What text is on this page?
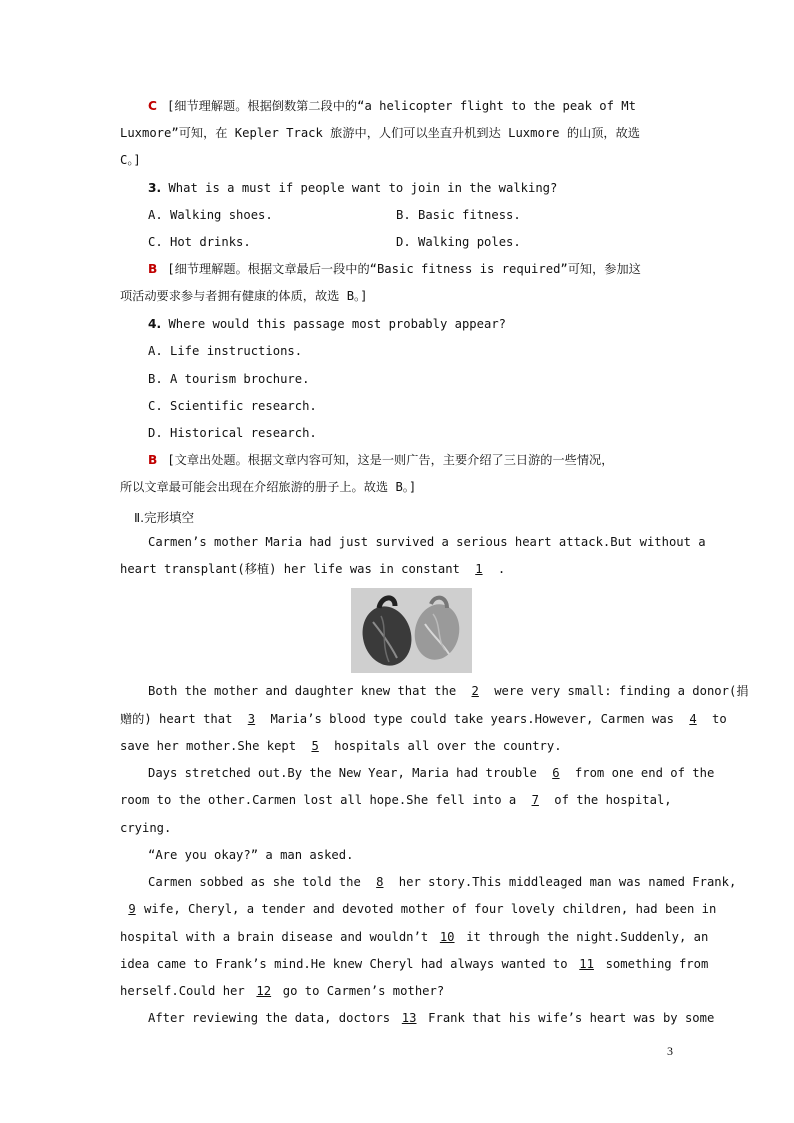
C [细节理解题。根据倒数第二段中的“a helicopter flight to the peak of Mt
Luxmore”可知，在 Kepler Track 旅游中，人们可以坐直升机到达 Luxmore 的山顶，故选
C。]
3. What is a must if people want to join in the walking?
A. Walking shoes.	B. Basic fitness.
C. Hot drinks.	D. Walking poles.
B [细节理解题。根据文章最后一段中的“Basic fitness is required”可知，参加这
项活动要求参与者拥有健康的体质，故选 B。]
4. Where would this passage most probably appear?
A. Life instructions.
B. A tourism brochure.
C. Scientific research.
D. Historical research.
B [文章出处题。根据文章内容可知，这是一则广告，主要介绍了三日游的一些情况，
所以文章最可能会出现在介绍旅游的册子上。故选 B。]
Ⅱ.完形填空
Carmen’s mother Maria had just survived a serious heart attack.But without a
heart transplant(移植) her life was in constant 1 .
Both the mother and daughter knew that the 2 were very small: finding a donor(捐
赠的) heart that 3 Maria’s blood type could take years.However, Carmen was 4 to
save her mother.She kept 5 hospitals all over the country.
Days stretched out.By the New Year, Maria had trouble 6 from one end of the
room to the other.Carmen lost all hope.She fell into a 7 of the hospital,
crying.
“Are you okay?” a man asked.
Carmen sobbed as she told the 8 her story.This middleaged man was named Frank,
9 wife, Cheryl, a tender and devoted mother of four lovely children, had been in
hospital with a brain disease and wouldn’t 10 it through the night.Suddenly, an
idea came to Frank’s mind.He knew Cheryl had always wanted to 11 something from
herself.Could her 12 go to Carmen’s mother?
After reviewing the data, doctors 13 Frank that his wife’s heart was by some
3
